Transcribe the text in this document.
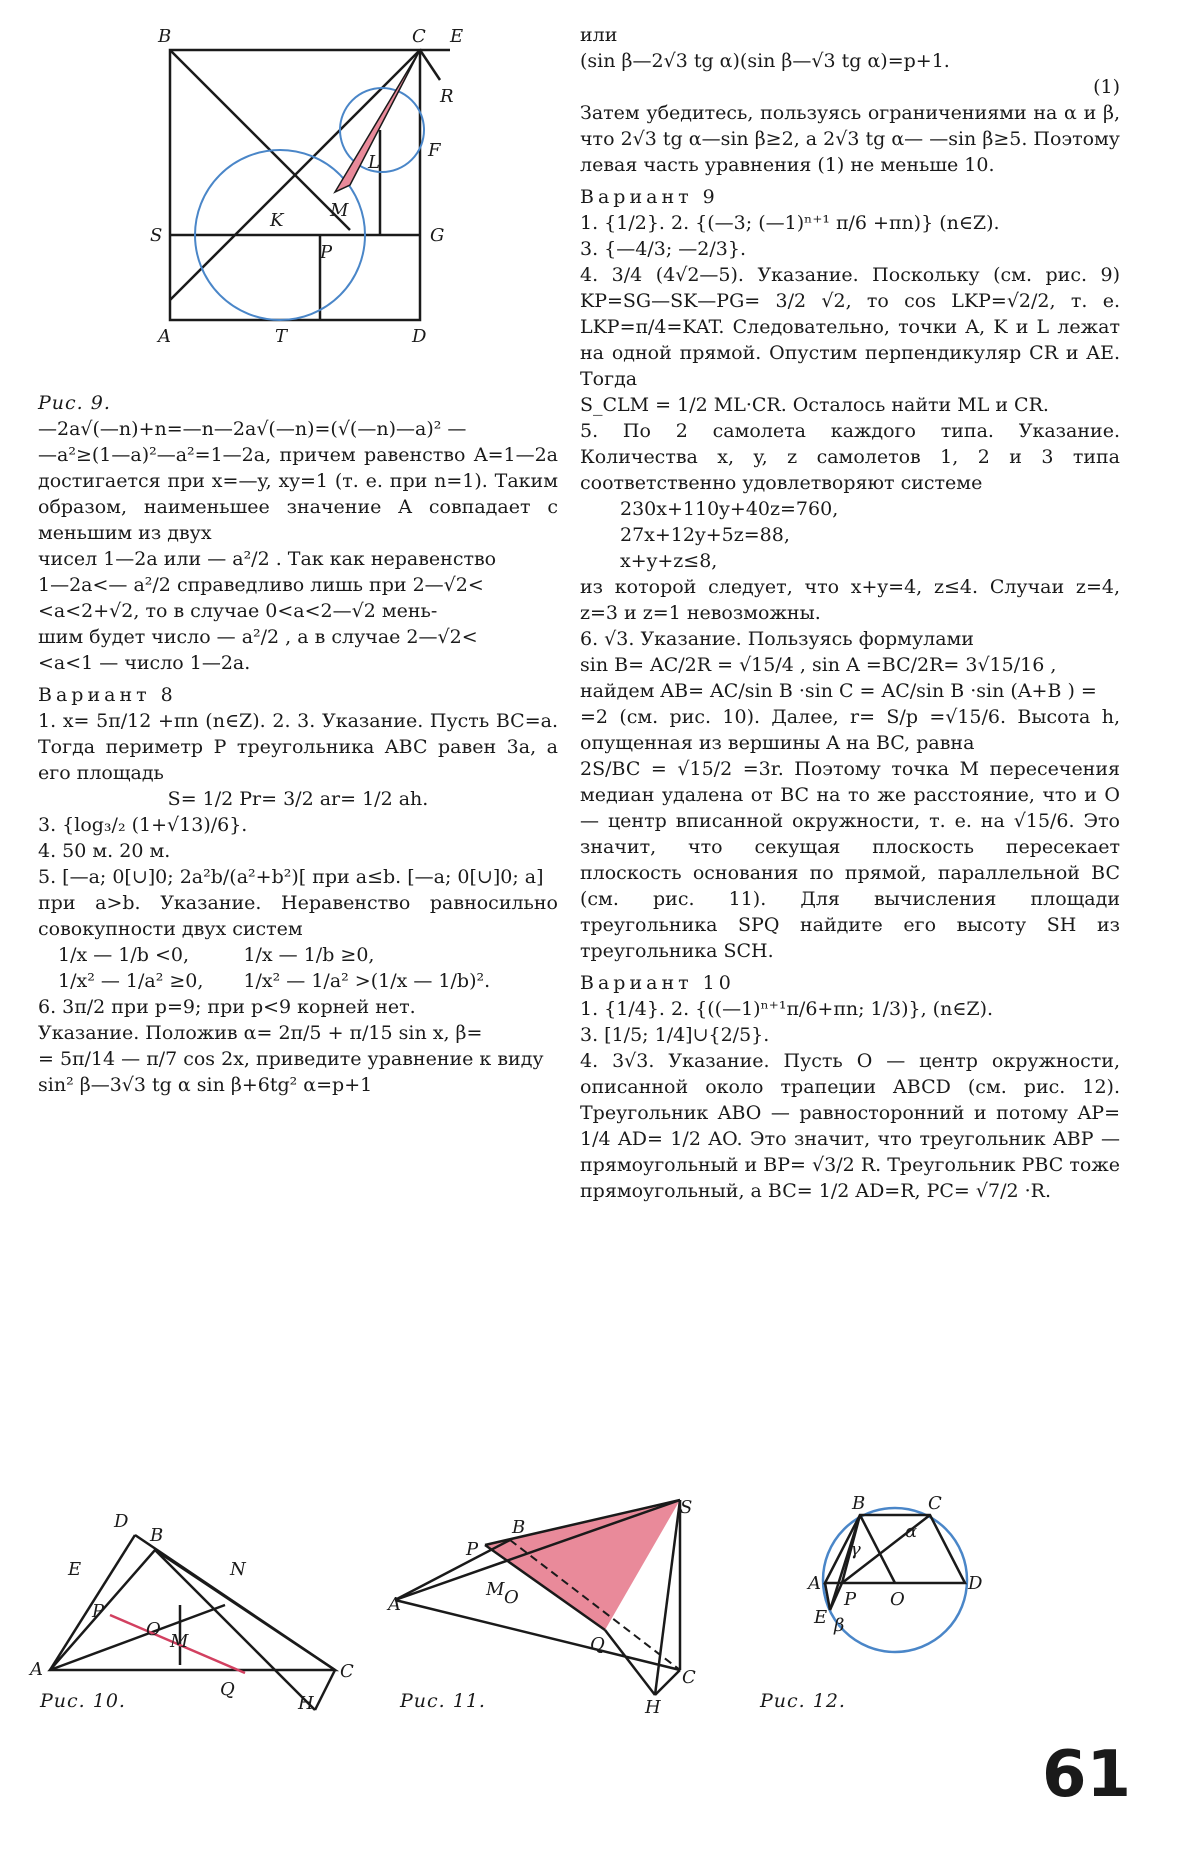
B	C E
R
F
L
M
S
K
G
P
A	T	D

Рис. 9.

—2a√(—n)+n=—n—2a√(—n)=(√(—n)—a)² —

—a²≥(1—a)²—a²=1—2a, причем равенство A=1—2a достигается при x=—y, xy=1 (т. е. при n=1). Таким образом, наименьшее значение A совпадает с меньшим из двух

чисел 1—2a или — a²/2 . Так как неравенство

1—2a<— a²/2 справедливо лишь при 2—√2<

<a<2+√2, то в случае 0<a<2—√2 мень-

шим будет число — a²/2 , а в случае 2—√2<

<a<1 — число 1—2a.

Вариант 8

1. x= 5π/12 +πn (n∈Z). 2. 3. Указание. Пусть BC=a. Тогда периметр P треугольника ABC равен 3a, а его площадь

S= 1/2 Pr= 3/2 ar= 1/2 ah.

3. {log₃/₂ (1+√13)/6}.

4. 50 м. 20 м.

5. [—a; 0[∪]0; 2a²b/(a²+b²)[ при a≤b. [—a; 0[∪]0; a]

при a>b. Указание. Неравенство равносильно совокупности двух систем

1/x — 1/b <0,

1/x² — 1/a² ≥0,

1/x — 1/b ≥0,

1/x² — 1/a² >(1/x — 1/b)².

6. 3π/2 при p=9; при p<9 корней нет.

Указание. Положив α= 2π/5 + π/15 sin x, β=

= 5π/14 — π/7 cos 2x, приведите уравнение к виду

sin² β—3√3 tg α sin β+6tg² α=p+1

или

(sin β—2√3 tg α)(sin β—√3 tg α)=p+1.

(1)

Затем убедитесь, пользуясь ограничениями на α и β, что 2√3 tg α—sin β≥2, а 2√3 tg α— —sin β≥5. Поэтому левая часть уравнения (1) не меньше 10.

Вариант 9

1. {1/2}. 2. {(—3; (—1)ⁿ⁺¹ π/6 +πn)} (n∈Z).

3. {—4/3; —2/3}.

4. 3/4 (4√2—5). Указание. Поскольку (см. рис. 9) KP=SG—SK—PG= 3/2 √2, то cos LKP=√2/2, т. е. LKP=π/4=KAT. Следовательно, точки A, K и L лежат на одной прямой. Опустим перпендикуляр CR и AE. Тогда

S_CLM = 1/2 ML·CR. Осталось найти ML и CR.

5. По 2 самолета каждого типа. Указание. Количества x, y, z самолетов 1, 2 и 3 типа соответственно удовлетворяют системе

230x+110y+40z=760,

27x+12y+5z=88,

x+y+z≤8,

из которой следует, что x+y=4, z≤4. Случаи z=4, z=3 и z=1 невозможны.

6. √3. Указание. Пользуясь формулами

sin B= AC/2R = √15/4 , sin A =BC/2R= 3√15/16 ,

найдем AB= AC/sin B ·sin C = AC/sin B ·sin (A+B ) =

=2 (см. рис. 10). Далее, r= S/p =√15/6. Высота h, опущенная из вершины A на BC, равна

2S/BC = √15/2 =3r. Поэтому точка M пересечения медиан удалена от BC на то же расстояние, что и O — центр вписанной окружности, т. е. на √15/6. Это значит, что секущая плоскость пересекает плоскость основания по прямой, параллельной BC (см. рис. 11). Для вычисления площади треугольника SPQ найдите его высоту SH из треугольника SCH.

Вариант 10

1. {1/4}. 2. {((—1)ⁿ⁺¹π/6+πn; 1/3)}, (n∈Z).

3. [1/5; 1/4]∪{2/5}.

4. 3√3. Указание. Пусть O — центр окружности, описанной около трапеции ABCD (см. рис. 12). Треугольник ABO — равносторонний и потому AP= 1/4 AD= 1/2 AO. Это значит, что треугольник ABP — прямоугольный и BP= √3/2 R. Треугольник PBC тоже прямоугольный, а BC= 1/2 AD=R, PC= √7/2 ·R.

D
B
E	N
P
O
M
A
Q
C
H
Рис. 10.
S
B
P
A
M O
Q
C
H
Рис. 11.
B	C
α
γ
A	D
P O
E β
Рис. 12.
61
